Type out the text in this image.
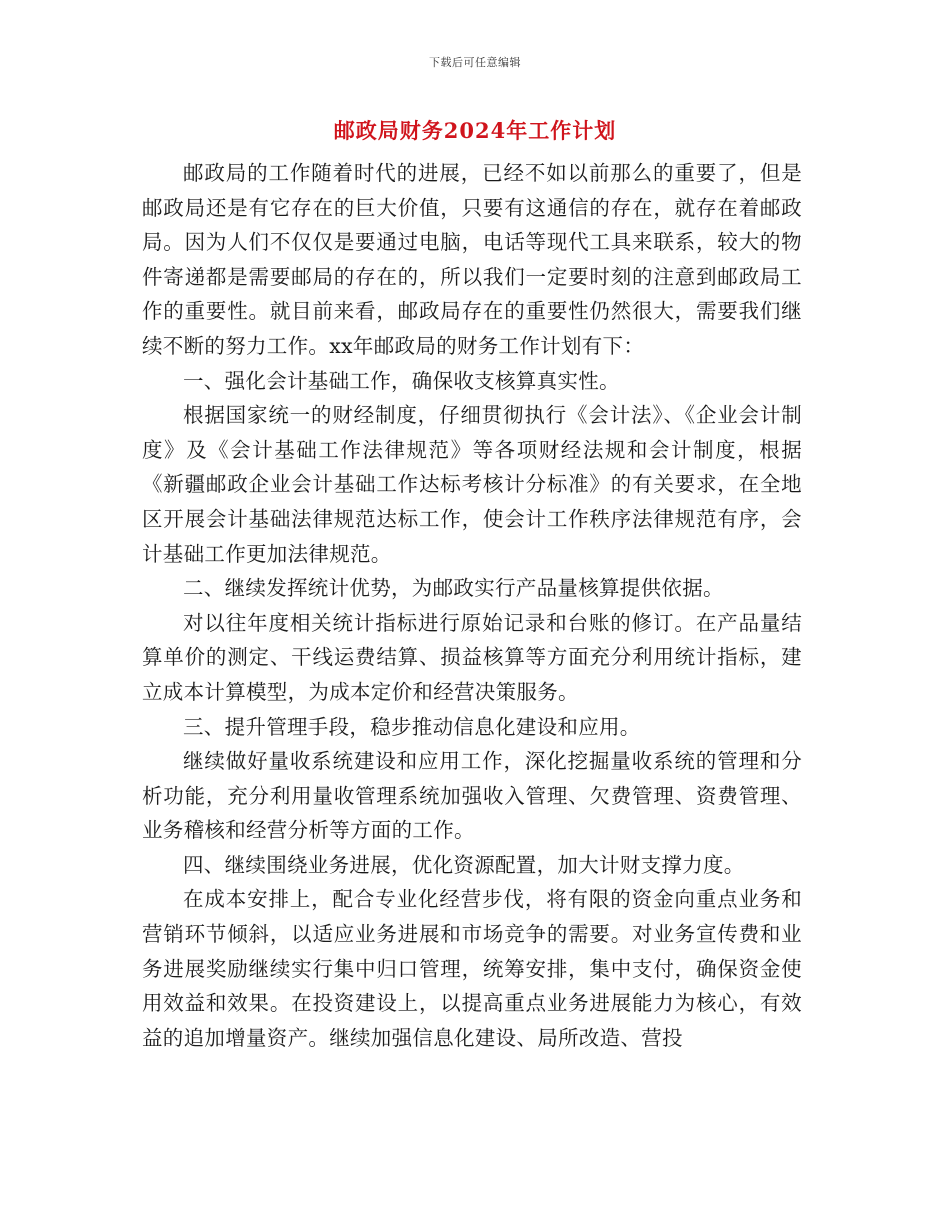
下载后可任意编辑
邮政局财务2024年工作计划

邮政局的工作随着时代的进展，已经不如以前那么的重要了，但是邮政局还是有它存在的巨大价值，只要有这通信的存在，就存在着邮政局。因为人们不仅仅是要通过电脑，电话等现代工具来联系，较大的物件寄递都是需要邮局的存在的，所以我们一定要时刻的注意到邮政局工作的重要性。就目前来看，邮政局存在的重要性仍然很大，需要我们继续不断的努力工作。xx年邮政局的财务工作计划有下：

一、强化会计基础工作，确保收支核算真实性。

根据国家统一的财经制度，仔细贯彻执行《会计法》、《企业会计制度》及《会计基础工作法律规范》等各项财经法规和会计制度，根据《新疆邮政企业会计基础工作达标考核计分标准》的有关要求，在全地区开展会计基础法律规范达标工作，使会计工作秩序法律规范有序，会计基础工作更加法律规范。

二、继续发挥统计优势，为邮政实行产品量核算提供依据。

对以往年度相关统计指标进行原始记录和台账的修订。在产品量结算单价的测定、干线运费结算、损益核算等方面充分利用统计指标，建立成本计算模型，为成本定价和经营决策服务。

三、提升管理手段，稳步推动信息化建设和应用。

继续做好量收系统建设和应用工作，深化挖掘量收系统的管理和分析功能，充分利用量收管理系统加强收入管理、欠费管理、资费管理、业务稽核和经营分析等方面的工作。

四、继续围绕业务进展，优化资源配置，加大计财支撑力度。

在成本安排上，配合专业化经营步伐，将有限的资金向重点业务和营销环节倾斜，以适应业务进展和市场竞争的需要。对业务宣传费和业务进展奖励继续实行集中归口管理，统筹安排，集中支付，确保资金使用效益和效果。在投资建设上，以提高重点业务进展能力为核心，有效益的追加增量资产。继续加强信息化建设、局所改造、营投
